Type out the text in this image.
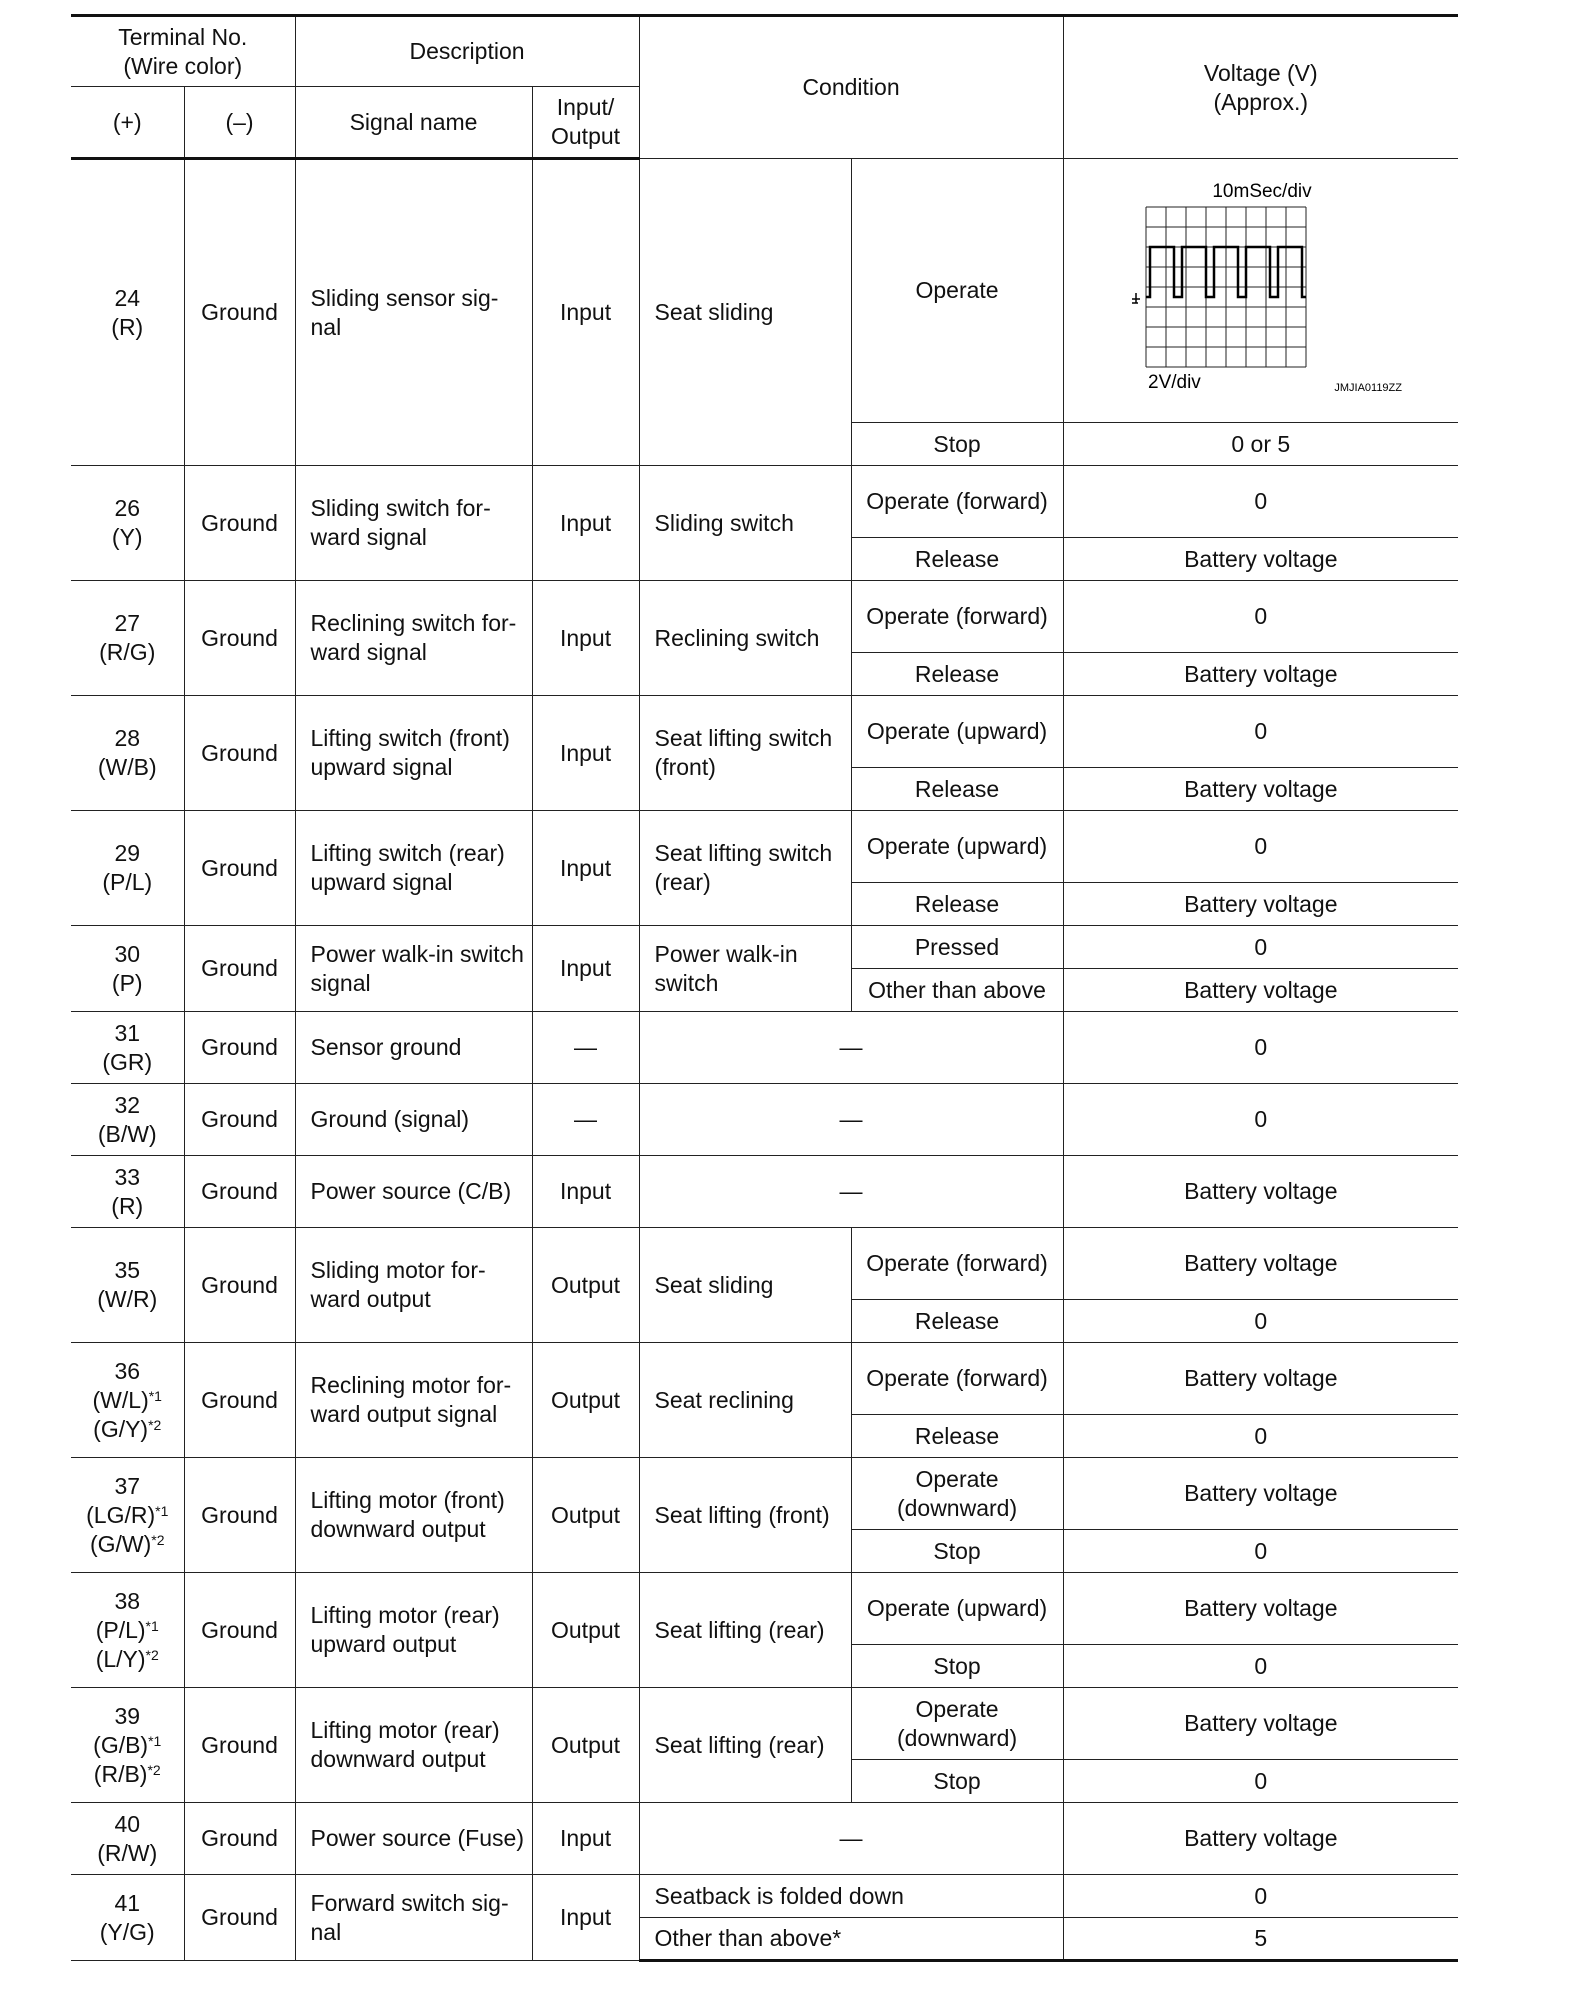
Terminal No.
(Wire color)		Description		Condition		Voltage (V)
(Approx.)

(+)	(–)	Signal name	Input/
Output			

24
(R)	Ground	Sliding sensor sig-nal	Input	Seat sliding	Operate	10mSec/div
2V/div JMJIA0119ZZ

					Stop	0 or 5

26
(Y)	Ground	Sliding switch for-ward signal	Input	Sliding switch	Operate (forward)	0
					Release	Battery voltage

27
(R/G)	Ground	Reclining switch for-ward signal	Input	Reclining switch	Operate (forward)	0
					Release	Battery voltage

28
(W/B)	Ground	Lifting switch (front) upward signal	Input	Seat lifting switch (front)	Operate (upward)	0
					Release	Battery voltage

29
(P/L)	Ground	Lifting switch (rear) upward signal	Input	Seat lifting switch (rear)	Operate (upward)	0
					Release	Battery voltage

30
(P)	Ground	Power walk-in switch signal	Input	Power walk-in switch	Pressed	0
					Other than above	Battery voltage

31
(GR)	Ground	Sensor ground	—	—		0

32
(B/W)	Ground	Ground (signal)	—	—		0

33
(R)	Ground	Power source (C/B)	Input	—		Battery voltage

35
(W/R)	Ground	Sliding motor for-ward output	Output	Seat sliding	Operate (forward)	Battery voltage
					Release	0

36
$(W/L)^{*1}$
$(G/Y)^{*2}$	Ground	Reclining motor for-ward output signal	Output	Seat reclining	Operate (forward)	Battery voltage
					Release	0

37
$(LG/R)^{*1}$
$(G/W)^{*2}$	Ground	Lifting motor (front) downward output	Output	Seat lifting (front)	Operate (downward)	Battery voltage
					Stop	0

38
$(P/L)^{*1}$
$(L/Y)^{*2}$	Ground	Lifting motor (rear) upward output	Output	Seat lifting (rear)	Operate (upward)	Battery voltage
					Stop	0

39
$(G/B)^{*1}$
$(R/B)^{*2}$	Ground	Lifting motor (rear) downward output	Output	Seat lifting (rear)	Operate (downward)	Battery voltage
					Stop	0

40
(R/W)	Ground	Power source (Fuse)	Input	—		Battery voltage

41
(Y/G)	Ground	Forward switch sig-nal	Input	Seatback is folded down		0
				Other than above*		5
